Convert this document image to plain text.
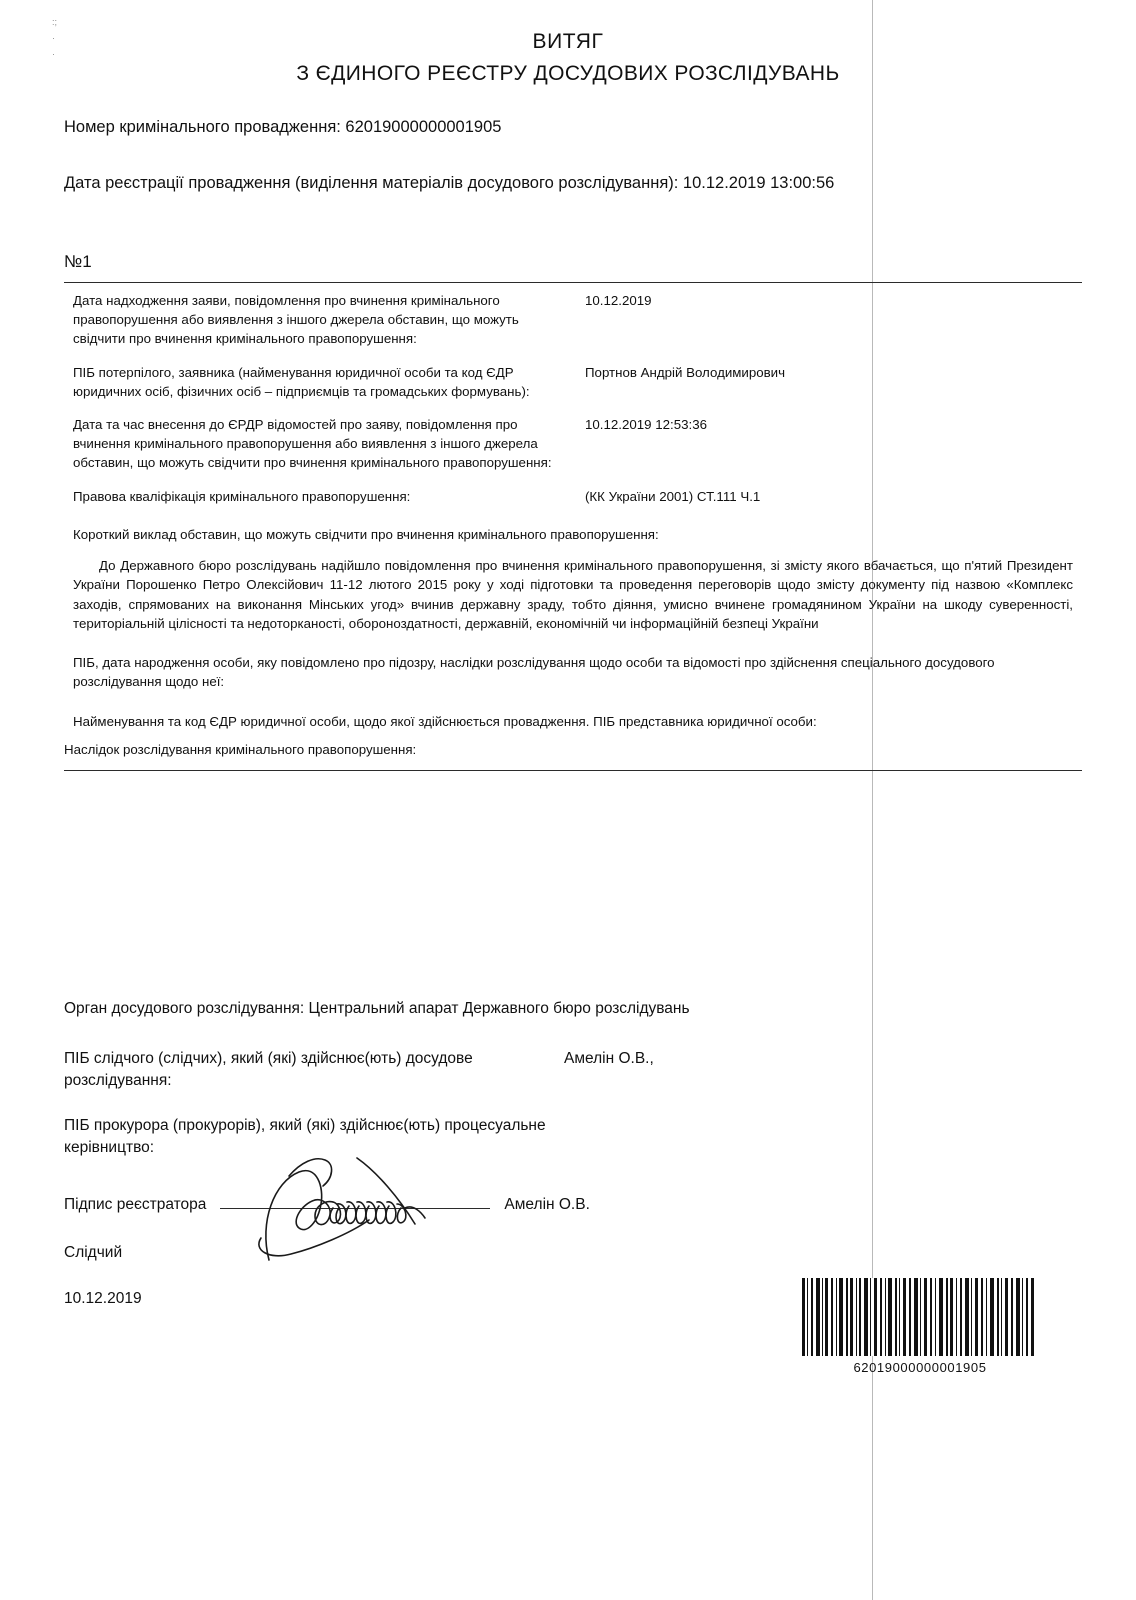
:;
·
·
ВИТЯГ
З ЄДИНОГО РЕЄСТРУ ДОСУДОВИХ РОЗСЛІДУВАНЬ
Номер кримінального провадження: 62019000000001905
Дата реєстрації провадження (виділення матеріалів досудового розслідування): 10.12.2019 13:00:56
№1
Дата надходження заяви, повідомлення про вчинення кримінального правопорушення або виявлення з іншого джерела обставин, що можуть свідчити про вчинення кримінального правопорушення:
10.12.2019
ПІБ потерпілого, заявника (найменування юридичної особи та код ЄДР юридичних осіб, фізичних осіб – підприємців та громадських формувань):
Портнов Андрій Володимирович
Дата та час внесення до ЄРДР відомостей про заяву, повідомлення про вчинення кримінального правопорушення або виявлення з іншого джерела обставин, що можуть свідчити про вчинення кримінального правопорушення:
10.12.2019 12:53:36
Правова кваліфікація кримінального правопорушення:	(КК України 2001) СТ.111 Ч.1

Короткий виклад обставин, що можуть свідчити про вчинення кримінального правопорушення:

До Державного бюро розслідувань надійшло повідомлення про вчинення кримінального правопорушення, зі змісту якого вбачається, що п'ятий Президент України Порошенко Петро Олексійович 11-12 лютого 2015 року у ході підготовки та проведення переговорів щодо змісту документу під назвою «Комплекс заходів, спрямованих на виконання Мінських угод» вчинив державну зраду, тобто діяння, умисно вчинене громадянином України на шкоду суверенності, територіальній цілісності та недоторканості, обороноздатності, державній, економічній чи інформаційній безпеці України

ПІБ, дата народження особи, яку повідомлено про підозру, наслідки розслідування щодо особи та відомості про здійснення спеціального досудового розслідування щодо неї:

Найменування та код ЄДР юридичної особи, щодо якої здійснюється провадження. ПІБ представника юридичної особи:

Наслідок розслідування кримінального правопорушення:
Орган досудового розслідування: Центральний апарат Державного бюро розслідувань
ПІБ слідчого (слідчих), який (які) здійснює(ють) досудове розслідування:
Амелін О.В.,
ПІБ прокурора (прокурорів), який (які) здійснює(ють) процесуальне керівництво:
Підпис реєстратора	Амелін О.В.
Слідчий
10.12.2019
62019000000001905
